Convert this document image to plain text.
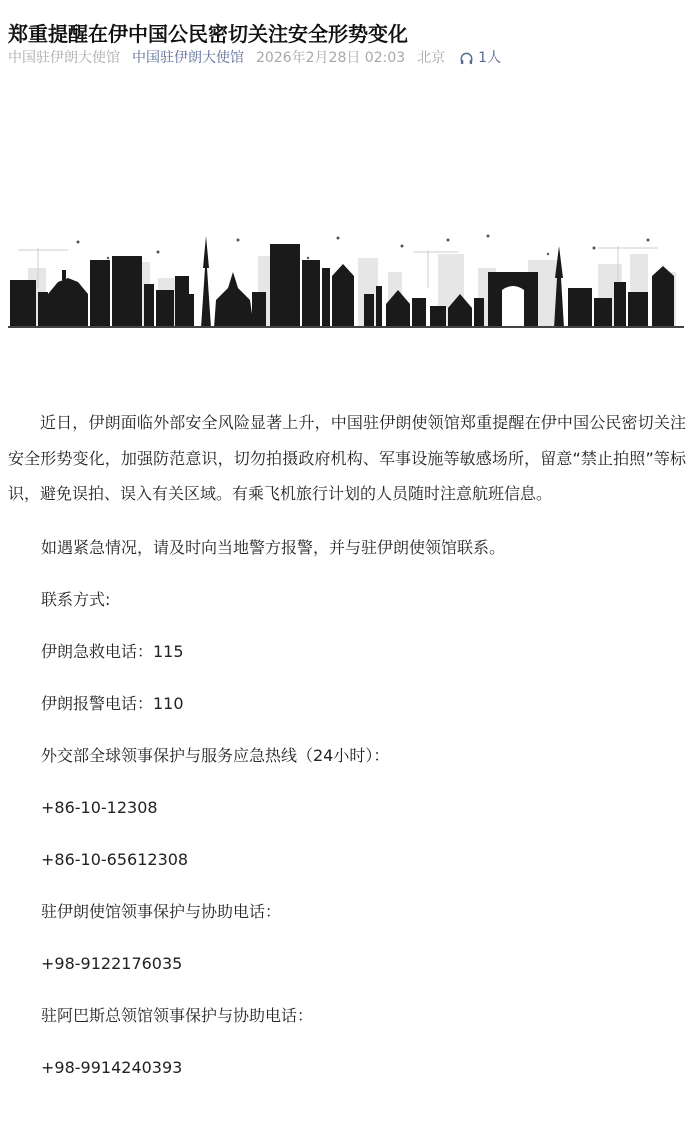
郑重提醒在伊中国公民密切关注安全形势变化
中国驻伊朗大使馆 中国驻伊朗大使馆 2026年2月28日 02:03 北京 1人

近日，伊朗面临外部安全风险显著上升，中国驻伊朗使领馆郑重提醒在伊中国公民密切关注安全形势变化，加强防范意识，切勿拍摄政府机构、军事设施等敏感场所，留意“禁止拍照”等标识，避免误拍、误入有关区域。有乘飞机旅行计划的人员随时注意航班信息。

如遇紧急情况，请及时向当地警方报警，并与驻伊朗使领馆联系。

联系方式:

伊朗急救电话：115

伊朗报警电话：110

外交部全球领事保护与服务应急热线（24小时）：

+86-10-12308

+86-10-65612308

驻伊朗使馆领事保护与协助电话：

+98-9122176035

驻阿巴斯总领馆领事保护与协助电话：

+98-9914240393
